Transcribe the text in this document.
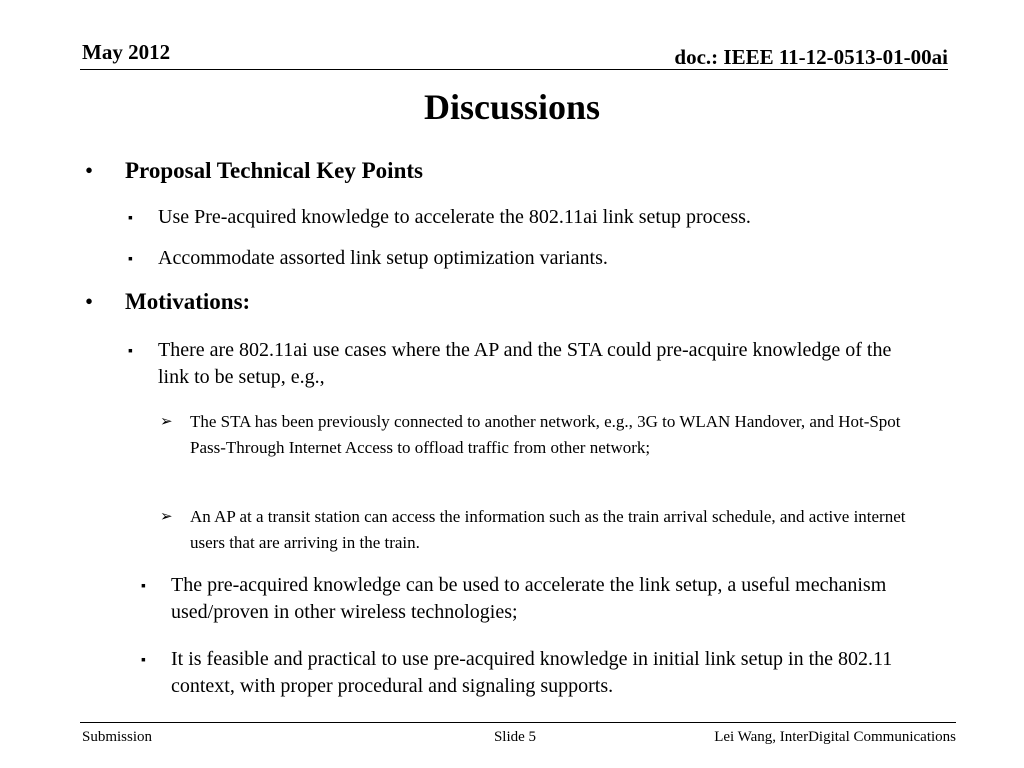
May 2012	doc.: IEEE 11-12-0513-01-00ai
Discussions
• Proposal Technical Key Points
▪ Use Pre-acquired knowledge to accelerate the 802.11ai link setup process.
▪ Accommodate assorted link setup optimization variants.
• Motivations:
▪ There are 802.11ai use cases where the AP and the STA could pre-acquire knowledge of the link to be setup, e.g.,
➢ The STA has been previously connected to another network, e.g., 3G to WLAN Handover, and Hot-Spot Pass-Through Internet Access to offload traffic from other network;
➢ An AP at a transit station can access the information such as the train arrival schedule, and active internet users that are arriving in the train.
▪ The pre-acquired knowledge can be used to accelerate the link setup, a useful mechanism used/proven in other wireless technologies;
▪ It is feasible and practical to use pre-acquired knowledge in initial link setup in the 802.11 context, with proper procedural and signaling supports.
Submission	Slide 5	Lei Wang, InterDigital Communications
